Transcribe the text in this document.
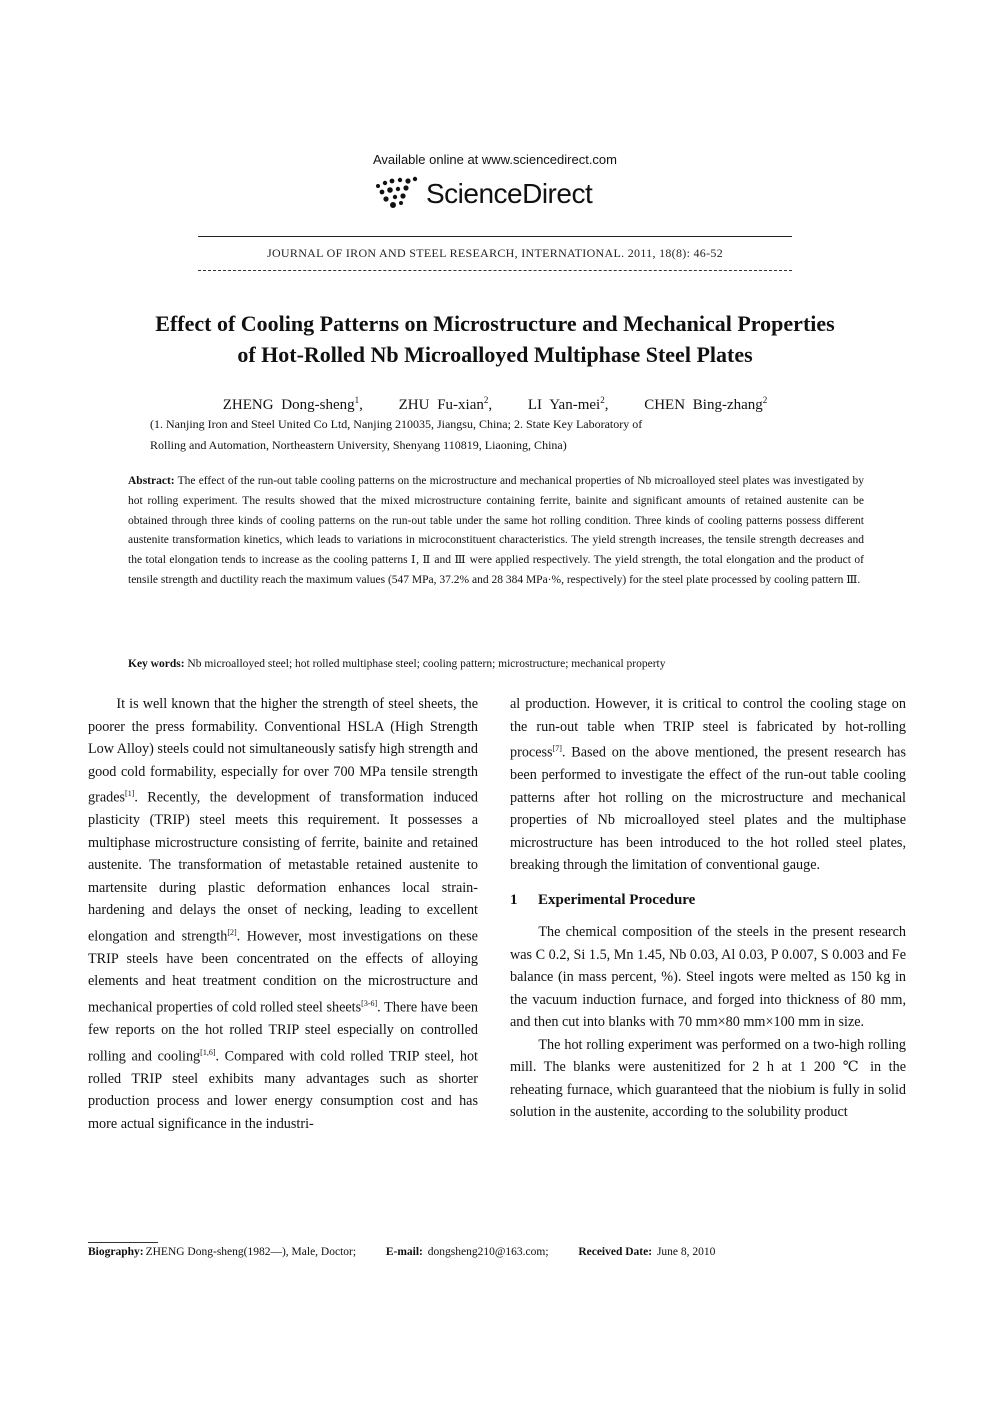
Available online at www.sciencedirect.com
ScienceDirect
JOURNAL OF IRON AND STEEL RESEARCH, INTERNATIONAL. 2011, 18(8): 46-52
Effect of Cooling Patterns on Microstructure and Mechanical Properties
of Hot-Rolled Nb Microalloyed Multiphase Steel Plates
ZHENG Dong-sheng$^1$, ZHU Fu-xian$^2$, LI Yan-mei$^2$, CHEN Bing-zhang$^2$
(1. Nanjing Iron and Steel United Co Ltd, Nanjing 210035, Jiangsu, China; 2. State Key Laboratory of
Rolling and Automation, Northeastern University, Shenyang 110819, Liaoning, China)
Abstract: The effect of the run-out table cooling patterns on the microstructure and mechanical properties of Nb microalloyed steel plates was investigated by hot rolling experiment. The results showed that the mixed microstructure containing ferrite, bainite and significant amounts of retained austenite can be obtained through three kinds of cooling patterns on the run-out table under the same hot rolling condition. Three kinds of cooling patterns possess different austenite transformation kinetics, which leads to variations in microconstituent characteristics. The yield strength increases, the tensile strength decreases and the total elongation tends to increase as the cooling patterns Ⅰ, Ⅱ and Ⅲ were applied respectively. The yield strength, the total elongation and the product of tensile strength and ductility reach the maximum values (547 MPa, 37.2% and 28 384 MPa·%, respectively) for the steel plate processed by cooling pattern Ⅲ.
Key words: Nb microalloyed steel; hot rolled multiphase steel; cooling pattern; microstructure; mechanical property

It is well known that the higher the strength of steel sheets, the poorer the press formability. Conventional HSLA (High Strength Low Alloy) steels could not simultaneously satisfy high strength and good cold formability, especially for over 700 MPa tensile strength grades[1]. Recently, the development of transformation induced plasticity (TRIP) steel meets this requirement. It possesses a multiphase microstructure consisting of ferrite, bainite and retained austenite. The transformation of metastable retained austenite to martensite during plastic deformation enhances local strain-hardening and delays the onset of necking, leading to excellent elongation and strength[2]. However, most investigations on these TRIP steels have been concentrated on the effects of alloying elements and heat treatment condition on the microstructure and mechanical properties of cold rolled steel sheets[3-6]. There have been few reports on the hot rolled TRIP steel especially on controlled rolling and cooling[1,6]. Compared with cold rolled TRIP steel, hot rolled TRIP steel exhibits many advantages such as shorter production process and lower energy consumption cost and has more actual significance in the industri-

al production. However, it is critical to control the cooling stage on the run-out table when TRIP steel is fabricated by hot-rolling process[7]. Based on the above mentioned, the present research has been performed to investigate the effect of the run-out table cooling patterns after hot rolling on the microstructure and mechanical properties of Nb microalloyed steel plates and the multiphase microstructure has been introduced to the hot rolled steel plates, breaking through the limitation of conventional gauge.

1 Experimental Procedure

The chemical composition of the steels in the present research was C 0.2, Si 1.5, Mn 1.45, Nb 0.03, Al 0.03, P 0.007, S 0.003 and Fe balance (in mass percent, %). Steel ingots were melted as 150 kg in the vacuum induction furnace, and forged into thickness of 80 mm, and then cut into blanks with 70 mm×80 mm×100 mm in size.

The hot rolling experiment was performed on a two-high rolling mill. The blanks were austenitized for 2 h at 1 200 ℃ in the reheating furnace, which guaranteed that the niobium is fully in solid solution in the austenite, according to the solubility product

Biography: ZHENG Dong-sheng(1982—), Male, Doctor;	E-mail: dongsheng210@163.com;	Received Date: June 8, 2010
